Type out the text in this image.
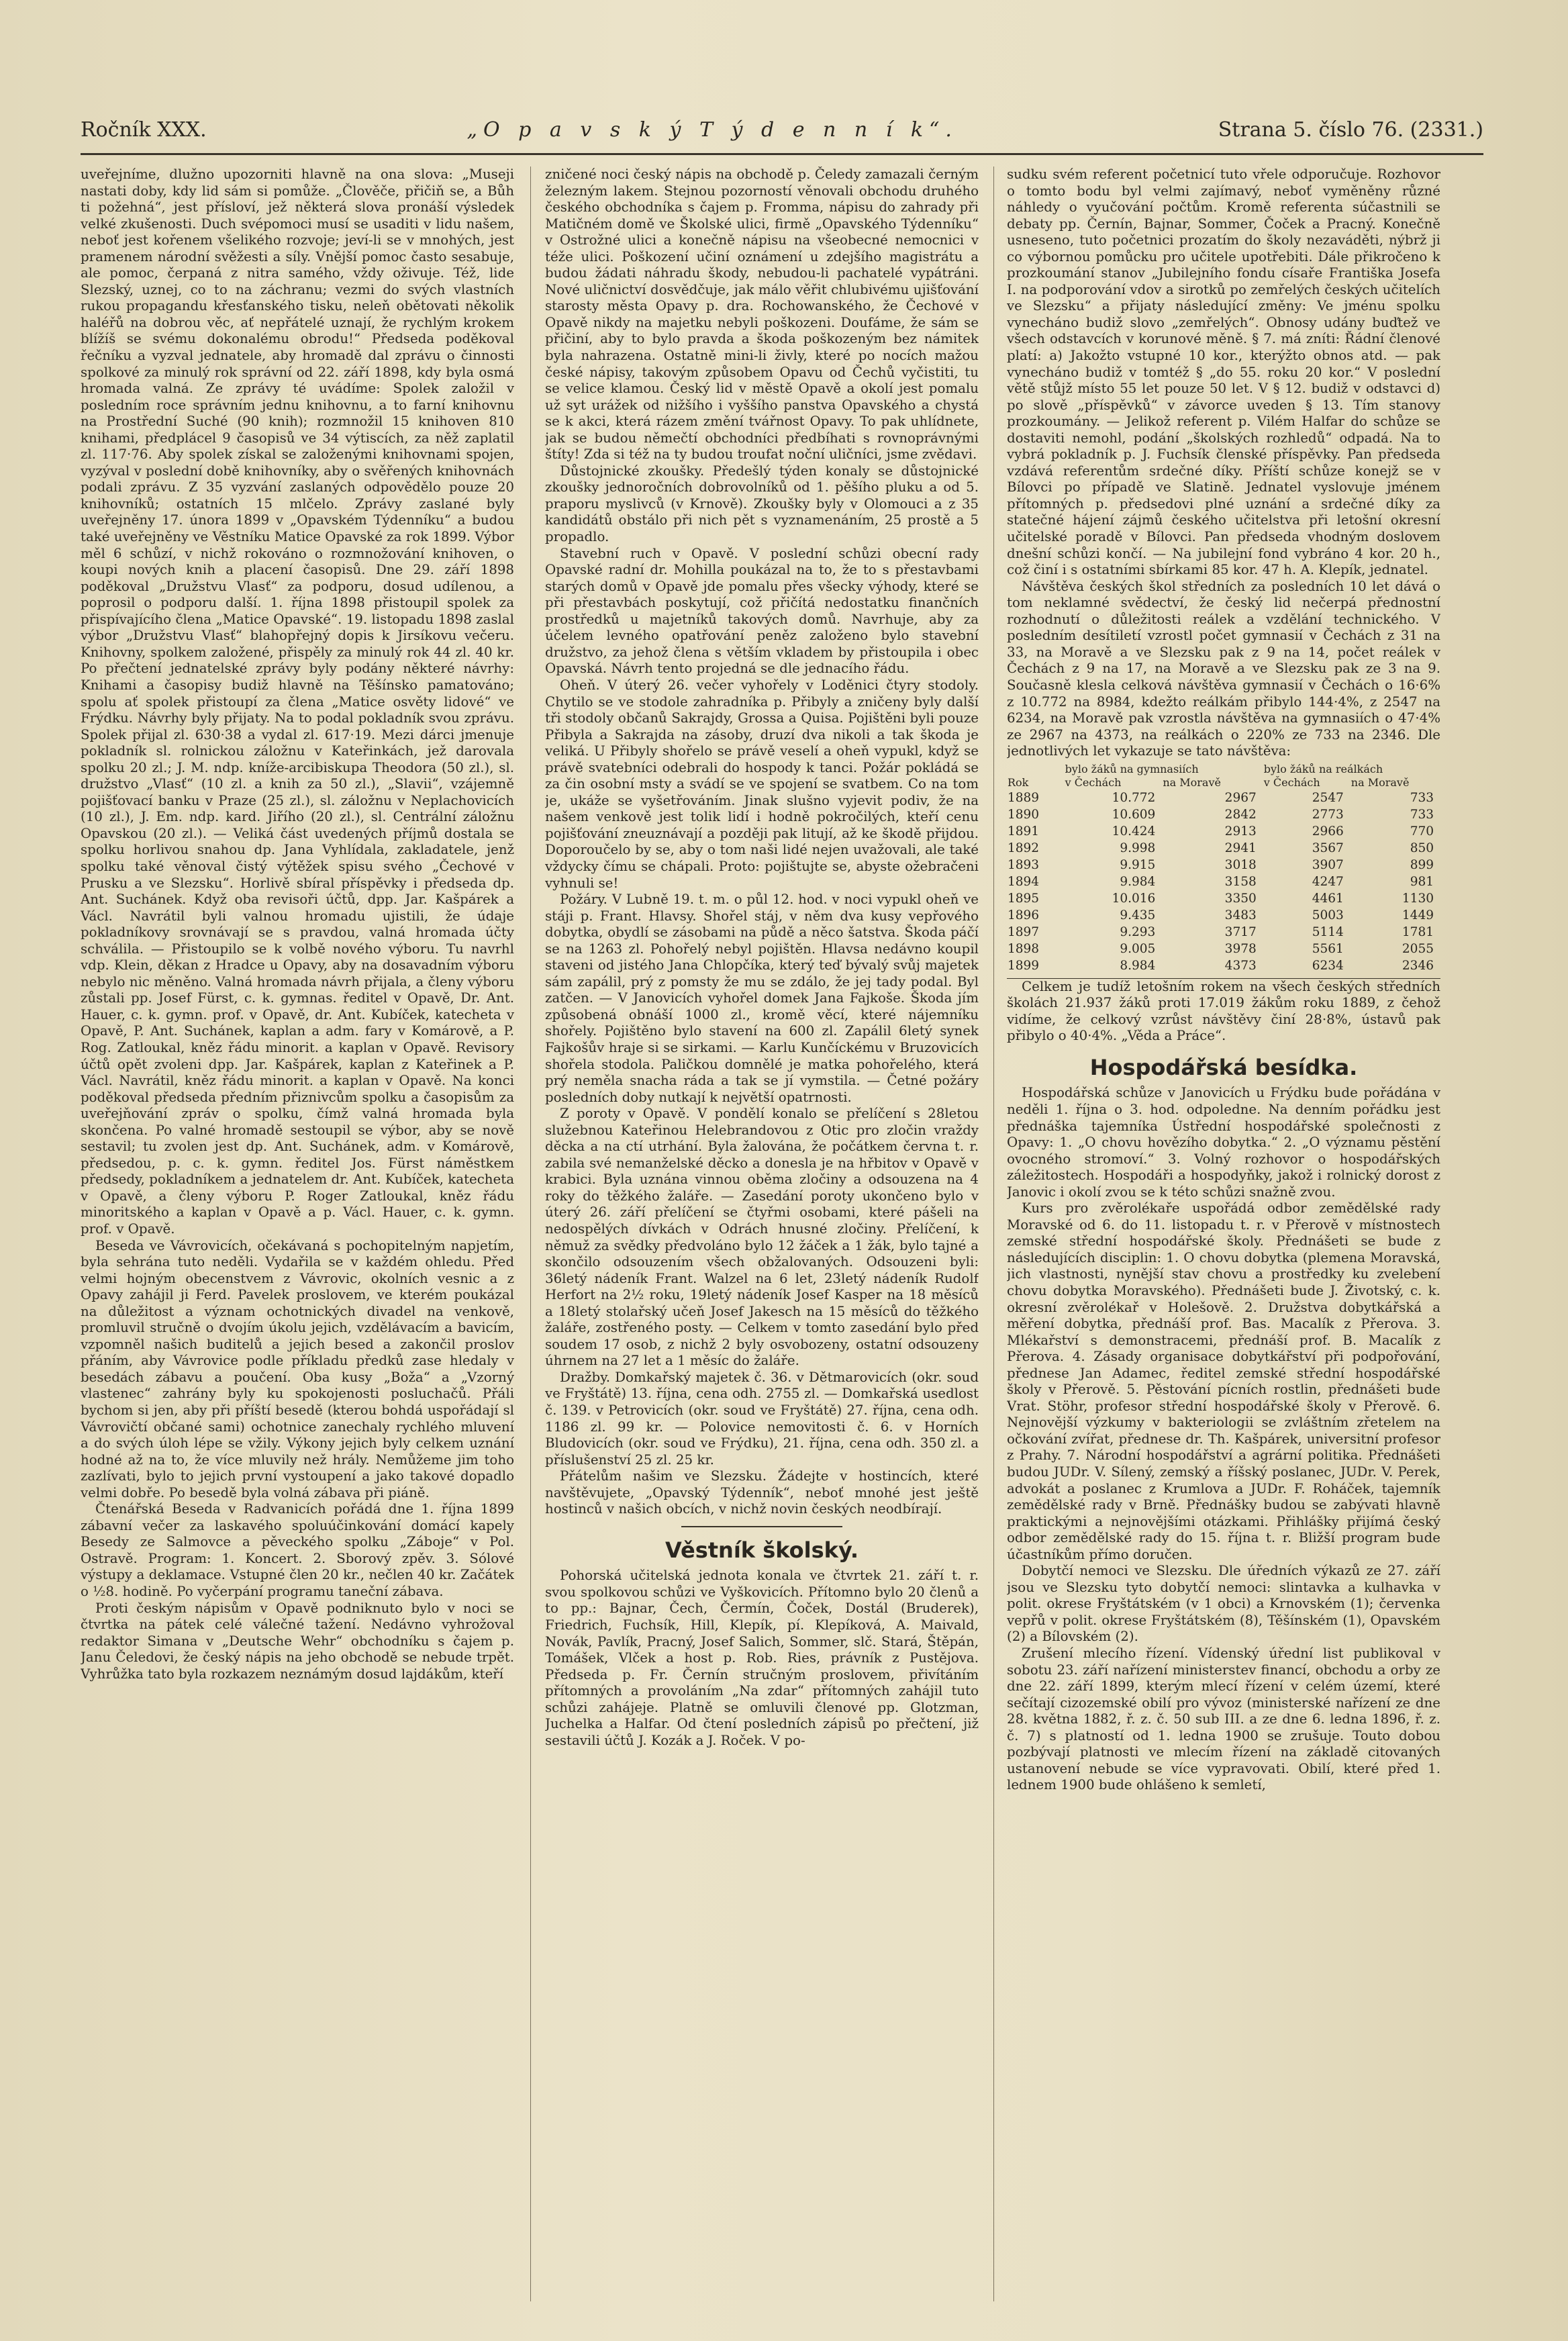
Ročník XXX.	„O p a v s k ý T ý d e n n í k“.	Strana 5. číslo 76. (2331.)

uveřejníme, dlužno upozorniti hlavně na ona slova: „Museji nastati doby, kdy lid sám si pomůže. „Člověče, přičiň se, a Bůh ti požehná“, jest přísloví, jež některá slova pronáší výsledek velké zkušenosti. Duch svépomoci musí se usaditi v lidu našem, neboť jest kořenem všelikého rozvoje; jeví-li se v mnohých, jest pramenem národní svěžesti a síly. Vnější pomoc často sesabuje, ale pomoc, čerpaná z nitra samého, vždy oživuje. Též, lide Slezský, uznej, co to na záchranu; vezmi do svých vlastních rukou propagandu křesťanského tisku, neleň obětovati několik haléřů na dobrou věc, ať nepřátelé uznají, že rychlým krokem blížíš se svému dokonalému obrodu!“ Předseda poděkoval řečníku a vyzval jednatele, aby hromadě dal zprávu o činnosti spolkové za minulý rok správní od 22. září 1898, kdy byla osmá hromada valná. Ze zprávy té uvádíme: Spolek založil v posledním roce správním jednu knihovnu, a to farní knihovnu na Prostřední Suché (90 knih); rozmnožil 15 knihoven 810 knihami, předplácel 9 časopisů ve 34 výtiscích, za něž zaplatil zl. 117·76. Aby spolek získal se založenými knihovnami spojen, vyzýval v poslední době knihovníky, aby o svěřených knihovnách podali zprávu. Z 35 vyzvání zaslaných odpovědělo pouze 20 knihovníků; ostatních 15 mlčelo. Zprávy zaslané byly uveřejněny 17. února 1899 v „Opavském Týdenníku“ a budou také uveřejněny ve Věstníku Matice Opavské za rok 1899. Výbor měl 6 schůzí, v nichž rokováno o rozmnožování knihoven, o koupi nových knih a placení časopisů. Dne 29. září 1898 poděkoval „Družstvu Vlasť“ za podporu, dosud udílenou, a poprosil o podporu další. 1. října 1898 přistoupil spolek za přispívajícího člena „Matice Opavské“. 19. listopadu 1898 zaslal výbor „Družstvu Vlasť“ blahopřejný dopis k Jirsíkovu večeru. Knihovny, spolkem založené, přispěly za minulý rok 44 zl. 40 kr. Po přečtení jednatelské zprávy byly podány některé návrhy: Knihami a časopisy budiž hlavně na Těšínsko pamatováno; spolu ať spolek přistoupí za člena „Matice osvěty lidové“ ve Frýdku. Návrhy byly přijaty. Na to podal pokladník svou zprávu. Spolek přijal zl. 630·38 a vydal zl. 617·19. Mezi dárci jmenuje pokladník sl. rolnickou záložnu v Kateřinkách, jež darovala spolku 20 zl.; J. M. ndp. kníže-arcibiskupa Theodora (50 zl.), sl. družstvo „Vlasť“ (10 zl. a knih za 50 zl.), „Slavii“, vzájemně pojišťovací banku v Praze (25 zl.), sl. záložnu v Neplachovicích (10 zl.), J. Em. ndp. kard. Jiřího (20 zl.), sl. Centrální záložnu Opavskou (20 zl.). — Veliká část uvedených příjmů dostala se spolku horlivou snahou dp. Jana Vyhlídala, zakladatele, jenž spolku také věnoval čistý výtěžek spisu svého „Čechové v Prusku a ve Slezsku“. Horlivě sbíral příspěvky i předseda dp. Ant. Suchánek. Když oba revisoři účtů, dpp. Jar. Kašpárek a Václ. Navrátil byli valnou hromadu ujistili, že údaje pokladníkovy srovnávají se s pravdou, valná hromada účty schválila. — Přistoupilo se k volbě nového výboru. Tu navrhl vdp. Klein, děkan z Hradce u Opavy, aby na dosavadním výboru nebylo nic měněno. Valná hromada návrh přijala, a členy výboru zůstali pp. Josef Fürst, c. k. gymnas. ředitel v Opavě, Dr. Ant. Hauer, c. k. gymn. prof. v Opavě, dr. Ant. Kubíček, katecheta v Opavě, P. Ant. Suchánek, kaplan a adm. fary v Komárově, a P. Rog. Zatloukal, kněz řádu minorit. a kaplan v Opavě. Revisory účtů opět zvoleni dpp. Jar. Kašpárek, kaplan z Kateřinek a P. Václ. Navrátil, kněz řádu minorit. a kaplan v Opavě. Na konci poděkoval předseda předním přiznivcům spolku a časopisům za uveřejňování zpráv o spolku, čímž valná hromada byla skončena. Po valné hromadě sestoupil se výbor, aby se nově sestavil; tu zvolen jest dp. Ant. Suchánek, adm. v Komárově, předsedou, p. c. k. gymn. ředitel Jos. Fürst náměstkem předsedy, pokladníkem a jednatelem dr. Ant. Kubíček, katecheta v Opavě, a členy výboru P. Roger Zatloukal, kněz řádu minoritského a kaplan v Opavě a p. Václ. Hauer, c. k. gymn. prof. v Opavě.

Beseda ve Vávrovicích, očekávaná s pochopitelným napjetím, byla sehrána tuto neděli. Vydařila se v každém ohledu. Před velmi hojným obecenstvem z Vávrovic, okolních vesnic a z Opavy zahájil ji Ferd. Pavelek proslovem, ve kterém poukázal na důležitost a význam ochotnických divadel na venkově, promluvil stručně o dvojím úkolu jejich, vzdělávacím a bavicím, vzpomněl našich buditelů a jejich besed a zakončil proslov přáním, aby Vávrovice podle příkladu předků zase hledaly v besedách zábavu a poučení. Oba kusy „Boža“ a „Vzorný vlastenec“ zahrány byly ku spokojenosti posluchačů. Přáli bychom si jen, aby při příští besedě (kterou bohdá uspořádají sl Vávrovičtí občané sami) ochotnice zanechaly rychlého mluvení a do svých úloh lépe se vžily. Výkony jejich byly celkem uznání hodné až na to, že více mluvily než hrály. Nemůžeme jim toho zazlívati, bylo to jejich první vystoupení a jako takové dopadlo velmi dobře. Po besedě byla volná zábava při piáně.

Čtenářská Beseda v Radvanicích pořádá dne 1. října 1899 zábavní večer za laskavého spoluúčinkování domácí kapely Besedy ze Salmovce a pěveckého spolku „Záboje“ v Pol. Ostravě. Program: 1. Koncert. 2. Sborový zpěv. 3. Sólové výstupy a deklamace. Vstupné člen 20 kr., nečlen 40 kr. Začátek o ½8. hodině. Po vyčerpání programu taneční zábava.

Proti českým nápisům v Opavě podniknuto bylo v noci se čtvrtka na pátek celé válečné tažení. Nedávno vyhrožoval redaktor Simana v „Deutsche Wehr“ obchodníku s čajem p. Janu Čeledovi, že český nápis na jeho obchodě se nebude trpět. Vyhrůžka tato byla rozkazem neznámým dosud lajdákům, kteří

zničené noci český nápis na obchodě p. Čeledy zamazali černým železným lakem. Stejnou pozorností věnovali obchodu druhého českého obchodníka s čajem p. Fromma, nápisu do zahrady při Matičném domě ve Školské ulici, firmě „Opavského Týdenníku“ v Ostrožné ulici a konečně nápisu na všeobecné nemocnici v téže ulici. Poškození učiní oznámení u zdejšího magistrátu a budou žádati náhradu škody, nebudou-li pachatelé vypátráni. Nové uličnictví dosvědčuje, jak málo věřit chlubivému ujišťování starosty města Opavy p. dra. Rochowanského, že Čechové v Opavě nikdy na majetku nebyli poškozeni. Doufáme, že sám se přičiní, aby to bylo pravda a škoda poškozeným bez námitek byla nahrazena. Ostatně mini-li živly, které po nocích mažou české nápisy, takovým způsobem Opavu od Čechů vyčistiti, tu se velice klamou. Český lid v městě Opavě a okolí jest pomalu už syt urážek od nižšího i vyššího panstva Opavského a chystá se k akci, která rázem změní tvářnost Opavy. To pak uhlídnete, jak se budou němečtí obchodníci předbíhati s rovnoprávnými štíty! Zda si též na ty budou troufat noční uličníci, jsme zvědavi.

Důstojnické zkoušky. Předešlý týden konaly se důstojnické zkoušky jednoročních dobrovolníků od 1. pěšího pluku a od 5. praporu myslivců (v Krnově). Zkoušky byly v Olomouci a z 35 kandidátů obstálo při nich pět s vyznamenáním, 25 prostě a 5 propadlo.

Stavební ruch v Opavě. V poslední schůzi obecní rady Opavské radní dr. Mohilla poukázal na to, že to s přestavbami starých domů v Opavě jde pomalu přes všecky výhody, které se při přestavbách poskytují, což přičítá nedostatku finančních prostředků u majetníků takových domů. Navrhuje, aby za účelem levného opatřování peněz založeno bylo stavební družstvo, za jehož člena s větším vkladem by přistoupila i obec Opavská. Návrh tento projedná se dle jednacího řádu.

Oheň. V úterý 26. večer vyhořely v Loděnici čtyry stodoly. Chytilo se ve stodole zahradníka p. Přibyly a zničeny byly další tři stodoly občanů Sakrajdy, Grossa a Quisa. Pojištěni byli pouze Přibyla a Sakrajda na zásoby, druzí dva nikoli a tak škoda je veliká. U Přibyly shořelo se právě veselí a oheň vypukl, když se právě svatebníci odebrali do hospody k tanci. Požár pokládá se za čin osobní msty a svádí se ve spojení se svatbem. Co na tom je, ukáže se vyšetřováním. Jinak slušno vyjevit podiv, že na našem venkově jest tolik lidí i hodně pokročilých, kteří cenu pojišťování zneuznávají a později pak litují, až ke škodě přijdou. Doporoučelo by se, aby o tom naši lidé nejen uvažovali, ale také vždycky čímu se chápali. Proto: pojištujte se, abyste ožebračeni vyhnuli se!

Požáry. V Lubně 19. t. m. o půl 12. hod. v noci vypukl oheň ve stáji p. Frant. Hlavsy. Shořel stáj, v něm dva kusy vepřového dobytka, obydlí se zásobami na půdě a něco šatstva. Škoda páčí se na 1263 zl. Pohořelý nebyl pojištěn. Hlavsa nedávno koupil staveni od jistého Jana Chlopčíka, který teď bývalý svůj majetek sám zapálil, prý z pomsty že mu se zdálo, že jej tady podal. Byl zatčen. — V Janovicích vyhořel domek Jana Fajkoše. Škoda jím způsobená obnáší 1000 zl., kromě věcí, které nájemníku shořely. Pojištěno bylo stavení na 600 zl. Zapálil 6letý synek Fajkošův hraje si se sirkami. — Karlu Kunčíckému v Bruzovicích shořela stodola. Paličkou domnělé je matka pohořelého, která prý neměla snacha ráda a tak se jí vymstila. — Četné požáry posledních doby nutkají k největší opatrnosti.

Z poroty v Opavě. V pondělí konalo se přelíčení s 28letou služebnou Kateřinou Helebrandovou z Otic pro zločin vraždy děcka a na ctí utrhání. Byla žalována, že počátkem června t. r. zabila své nemanželské děcko a donesla je na hřbitov v Opavě v krabici. Byla uznána vinnou oběma zločiny a odsouzena na 4 roky do těžkého žaláře. — Zasedání poroty ukončeno bylo v úterý 26. září přelíčení se čtyřmi osobami, které pášeli na nedospělých dívkách v Odrách hnusné zločiny. Přelíčení, k němuž za svědky předvoláno bylo 12 žáček a 1 žák, bylo tajné a skončilo odsouzením všech obžalovaných. Odsouzeni byli: 36letý nádeník Frant. Walzel na 6 let, 23letý nádeník Rudolf Herfort na 2½ roku, 19letý nádeník Josef Kasper na 18 měsíců a 18letý stolařský učeň Josef Jakesch na 15 měsíců do těžkého žaláře, zostřeného posty. — Celkem v tomto zasedání bylo před soudem 17 osob, z nichž 2 byly osvobozeny, ostatní odsouzeny úhrnem na 27 let a 1 měsíc do žaláře.

Dražby. Domkařský majetek č. 36. v Dětmarovicích (okr. soud ve Fryštátě) 13. října, cena odh. 2755 zl. — Domkařská usedlost č. 139. v Petrovicích (okr. soud ve Fryštátě) 27. října, cena odh. 1186 zl. 99 kr. — Polovice nemovitosti č. 6. v Horních Bludovicích (okr. soud ve Frýdku), 21. října, cena odh. 350 zl. a příslušenství 25 zl. 25 kr.

Přátelům našim ve Slezsku. Žádejte v hostincích, které navštěvujete, „Opavský Týdenník“, neboť mnohé jest ještě hostinců v našich obcích, v nichž novin českých neodbírají.

Věstník školský.

Pohorská učitelská jednota konala ve čtvrtek 21. září t. r. svou spolkovou schůzi ve Vyškovicích. Přítomno bylo 20 členů a to pp.: Bajnar, Čech, Čermín, Čoček, Dostál (Bruderek), Friedrich, Fuchsík, Hill, Klepík, pí. Klepíková, A. Maivald, Novák, Pavlík, Pracný, Josef Salich, Sommer, slč. Stará, Štěpán, Tomášek, Vlček a host p. Rob. Ries, právník z Pustějova. Předseda p. Fr. Černín stručným proslovem, přivítáním přítomných a provoláním „Na zdar“ přítomných zahájil tuto schůzi zahájeje. Platně se omluvili členové pp. Glotzman, Juchelka a Halfar. Od čtení posledních zápisů po přečtení, již sestavili účtů J. Kozák a J. Roček. V po-

sudku svém referent početnicí tuto vřele odporučuje. Rozhovor o tomto bodu byl velmi zajímavý, neboť vyměněny různé náhledy o vyučování počtům. Kromě referenta súčastnili se debaty pp. Černín, Bajnar, Sommer, Čoček a Pracný. Konečně usneseno, tuto početnici prozatím do školy nezaváděti, nýbrž ji co výbornou pomůcku pro učitele upotřebiti. Dále přikročeno k prozkoumání stanov „Jubilejního fondu císaře Františka Josefa I. na podporování vdov a sirotků po zemřelých českých učitelích ve Slezsku“ a přijaty následující změny: Ve jménu spolku vynecháno budiž slovo „zemřelých“. Obnosy udány buďtež ve všech odstavcích v korunové měně. § 7. má zníti: Řádní členové platí: a) Jakožto vstupné 10 kor., kterýžto obnos atd. — pak vynecháno budiž v tomtéž § „do 55. roku 20 kor.“ V poslední větě stůjž místo 55 let pouze 50 let. V § 12. budiž v odstavci d) po slově „příspěvků“ v závorce uveden § 13. Tím stanovy prozkoumány. — Jelikož referent p. Vilém Halfar do schůze se dostaviti nemohl, podání „školských rozhledů“ odpadá. Na to vybrá pokladník p. J. Fuchsík členské příspěvky. Pan předseda vzdává referentům srdečné díky. Příští schůze konejž se v Bílovci po případě ve Slatině. Jednatel vyslovuje jménem přítomných p. předsedovi plné uznání a srdečné díky za statečné hájení zájmů českého učitelstva při letošní okresní učitelské poradě v Bílovci. Pan předseda vhodným doslovem dnešní schůzi končí. — Na jubilejní fond vybráno 4 kor. 20 h., což činí i s ostatními sbírkami 85 kor. 47 h. A. Klepík, jednatel.

Návštěva českých škol středních za posledních 10 let dává o tom neklamné svědectví, že český lid nečerpá přednostní rozhodnutí o důležitosti reálek a vzdělání technického. V posledním desítiletí vzrostl počet gymnasií v Čechách z 31 na 33, na Moravě a ve Slezsku pak z 9 na 14, počet reálek v Čechách z 9 na 17, na Moravě a ve Slezsku pak ze 3 na 9. Současně klesla celková návštěva gymnasií v Čechách o 16·6% z 10.772 na 8984, kdežto reálkám přibylo 144·4%, z 2547 na 6234, na Moravě pak vzrostla návštěva na gymnasiích o 47·4% ze 2967 na 4373, na reálkách o 220% ze 733 na 2346. Dle jednotlivých let vykazuje se tato návštěva:

	bylo žáků na gymnasiích		bylo žáků na reálkách	
Rok	v Čechách	na Moravě	v Čechách	na Moravě
1889	10.772	2967	2547	733
1890	10.609	2842	2773	733
1891	10.424	2913	2966	770
1892	9.998	2941	3567	850
1893	9.915	3018	3907	899
1894	9.984	3158	4247	981
1895	10.016	3350	4461	1130
1896	9.435	3483	5003	1449
1897	9.293	3717	5114	1781
1898	9.005	3978	5561	2055
1899	8.984	4373	6234	2346

Celkem je tudíž letošním rokem na všech českých středních školách 21.937 žáků proti 17.019 žákům roku 1889, z čehož vidíme, že celkový vzrůst návštěvy činí 28·8%, ústavů pak přibylo o 40·4%. „Věda a Práce“.

Hospodářská besídka.

Hospodářská schůze v Janovicích u Frýdku bude pořádána v neděli 1. října o 3. hod. odpoledne. Na denním pořádku jest přednáška tajemníka Ústřední hospodářské společnosti z Opavy: 1. „O chovu hovězího dobytka.“ 2. „O významu pěstění ovocného stromoví.“ 3. Volný rozhovor o hospodářských záležitostech. Hospodáři a hospodyňky, jakož i rolnický dorost z Janovic i okolí zvou se k této schůzi snažně zvou.

Kurs pro zvěrolékaře uspořádá odbor zemědělské rady Moravské od 6. do 11. listopadu t. r. v Přerově v místnostech zemské střední hospodářské školy. Přednášeti se bude z následujících disciplin: 1. O chovu dobytka (plemena Moravská, jich vlastnosti, nynější stav chovu a prostředky ku zvelebení chovu dobytka Moravského). Přednášeti bude J. Životský, c. k. okresní zvěrolékař v Holešově. 2. Družstva dobytkářská a měření dobytka, přednáší prof. Bas. Macalík z Přerova. 3. Mlékařství s demonstracemi, přednáší prof. B. Macalík z Přerova. 4. Zásady organisace dobytkářství při podpořování, přednese Jan Adamec, ředitel zemské střední hospodářské školy v Přerově. 5. Pěstování pícních rostlin, přednášeti bude Vrat. Stöhr, profesor střední hospodářské školy v Přerově. 6. Nejnovější výzkumy v bakteriologii se zvláštním zřetelem na očkování zvířat, přednese dr. Th. Kašpárek, universitní profesor z Prahy. 7. Národní hospodářství a agrární politika. Přednášeti budou JUDr. V. Sílený, zemský a říšský poslanec, JUDr. V. Perek, advokát a poslanec z Krumlova a JUDr. F. Roháček, tajemník zemědělské rady v Brně. Přednášky budou se zabývati hlavně praktickými a nejnovějšími otázkami. Přihlášky přijímá český odbor zemědělské rady do 15. října t. r. Bližší program bude účastníkům přímo doručen.

Dobytčí nemoci ve Slezsku. Dle úředních výkazů ze 27. září jsou ve Slezsku tyto dobytčí nemoci: slintavka a kulhavka v polit. okrese Fryštátském (v 1 obci) a Krnovském (1); červenka vepřů v polit. okrese Fryštátském (8), Těšínském (1), Opavském (2) a Bílovském (2).

Zrušení mlecího řízení. Vídenský úřední list publikoval v sobotu 23. září nařízení ministerstev financí, obchodu a orby ze dne 22. září 1899, kterým mlecí řízení v celém území, které sečítají cizozemské obilí pro vývoz (ministerské nařízení ze dne 28. května 1882, ř. z. č. 50 sub III. a ze dne 6. ledna 1896, ř. z. č. 7) s platností od 1. ledna 1900 se zrušuje. Touto dobou pozbývají platnosti ve mlecím řízení na základě citovaných ustanovení nebude se více vypravovati. Obilí, které před 1. lednem 1900 bude ohlášeno k semletí,
